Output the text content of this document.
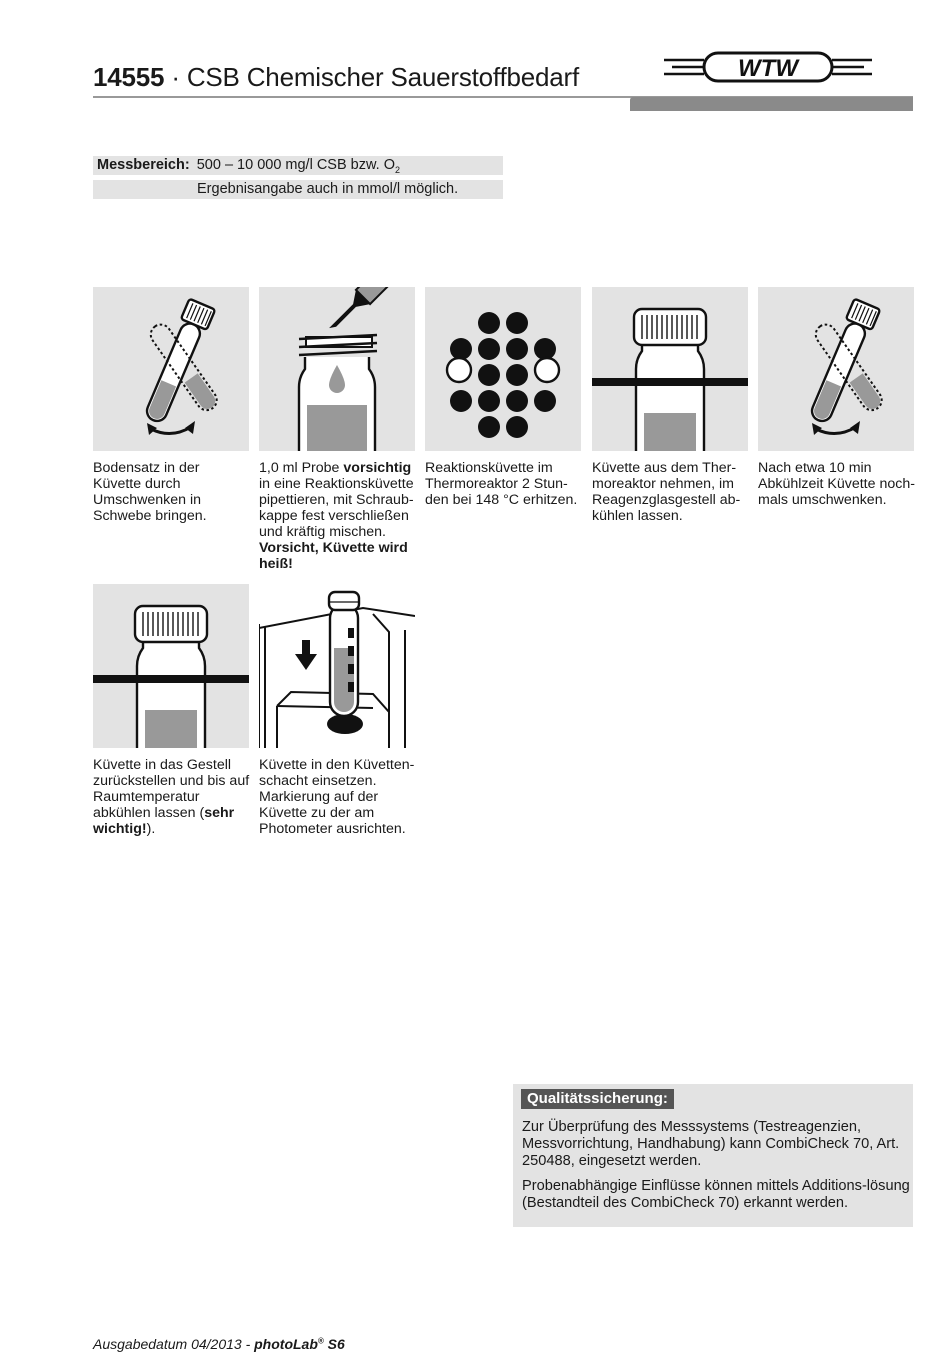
14555 · CSB Chemischer Sauerstoffbedarf	WTW
Messbereich: 500 – 10 000 mg/l CSB bzw. $O_2$
Ergebnisangabe auch in mmol/l möglich.
Bodensatz in der Küvette durch Umschwenken in Schwebe bringen.
1,0 ml Probe vorsichtig in eine Reaktionsküvette pipettieren, mit Schraub-kappe fest verschließen und kräftig mischen. Vorsicht, Küvette wird heiß!
Reaktionsküvette im Thermoreaktor 2 Stun-den bei 148 °C erhitzen.
Küvette aus dem Ther-moreaktor nehmen, im Reagenzglasgestell ab-kühlen lassen.
Nach etwa 10 min Abkühlzeit Küvette noch-mals umschwenken.
Küvette in das Gestell zurückstellen und bis auf Raumtemperatur abkühlen lassen (sehr wichtig!).
Küvette in den Küvetten-schacht einsetzen. Markierung auf der Küvette zu der am Photometer ausrichten.
Qualitätssicherung:
Zur Überprüfung des Messsystems (Testreagenzien, Messvorrichtung, Handhabung) kann CombiCheck 70, Art. 250488, eingesetzt werden.
Probenabhängige Einflüsse können mittels Additions-lösung (Bestandteil des CombiCheck 70) erkannt werden.
Ausgabedatum 04/2013 - photoLab® S6
